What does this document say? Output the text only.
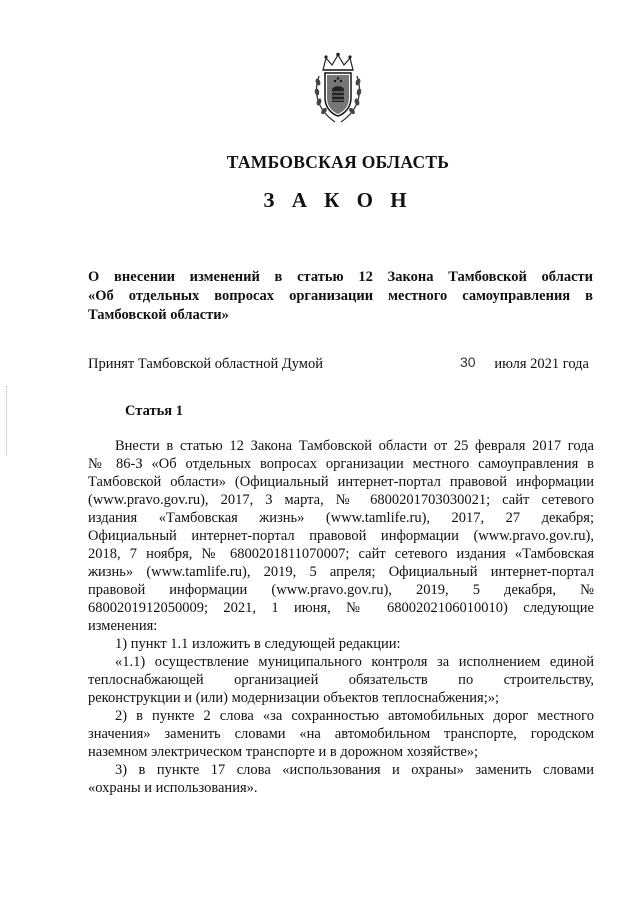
ТАМБОВСКАЯ ОБЛАСТЬ
З А К О Н
О внесении изменений в статью 12 Закона Тамбовской области
«Об отдельных вопросах организации местного самоуправления в
Тамбовской области»
Принят Тамбовской областной Думой	30 июля 2021 года
Статья 1
Внести в статью 12 Закона Тамбовской области от 25 февраля 2017 года
№ 86-З «Об отдельных вопросах организации местного самоуправления в
Тамбовской области» (Официальный интернет-портал правовой информации
(www.pravo.gov.ru), 2017, 3 марта, № 6800201703030021; сайт сетевого
издания «Тамбовская жизнь» (www.tamlife.ru), 2017, 27 декабря;
Официальный интернет-портал правовой информации (www.pravo.gov.ru),
2018, 7 ноября, № 6800201811070007; сайт сетевого издания «Тамбовская
жизнь» (www.tamlife.ru), 2019, 5 апреля; Официальный интернет-портал
правовой информации (www.pravo.gov.ru), 2019, 5 декабря, №
6800201912050009; 2021, 1 июня, № 6800202106010010) следующие
изменения:
1) пункт 1.1 изложить в следующей редакции:
«1.1) осуществление муниципального контроля за исполнением единой
теплоснабжающей организацией обязательств по строительству,
реконструкции и (или) модернизации объектов теплоснабжения;»;
2) в пункте 2 слова «за сохранностью автомобильных дорог местного
значения» заменить словами «на автомобильном транспорте, городском
наземном электрическом транспорте и в дорожном хозяйстве»;
3) в пункте 17 слова «использования и охраны» заменить словами
«охраны и использования».
